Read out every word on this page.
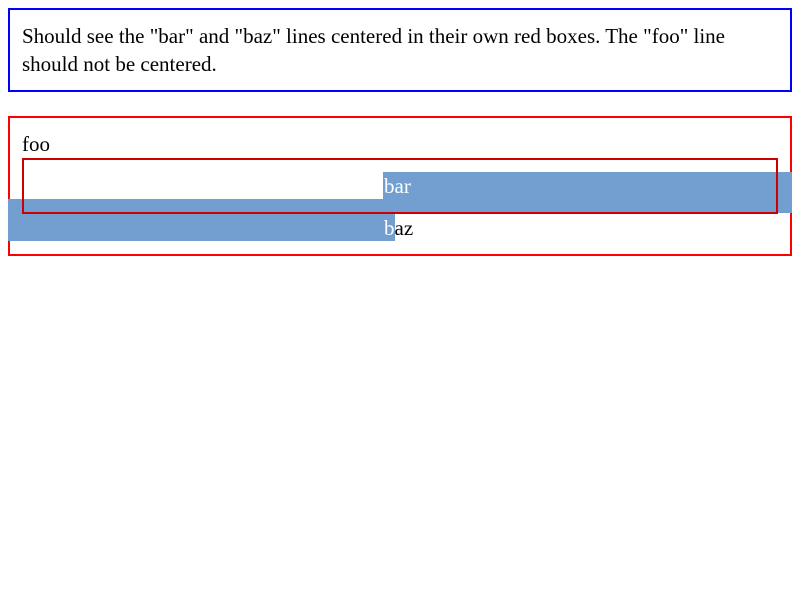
Should see the "bar" and "baz" lines centered in their own red boxes. The "foo" line should not be centered.

foo
bar
baz
